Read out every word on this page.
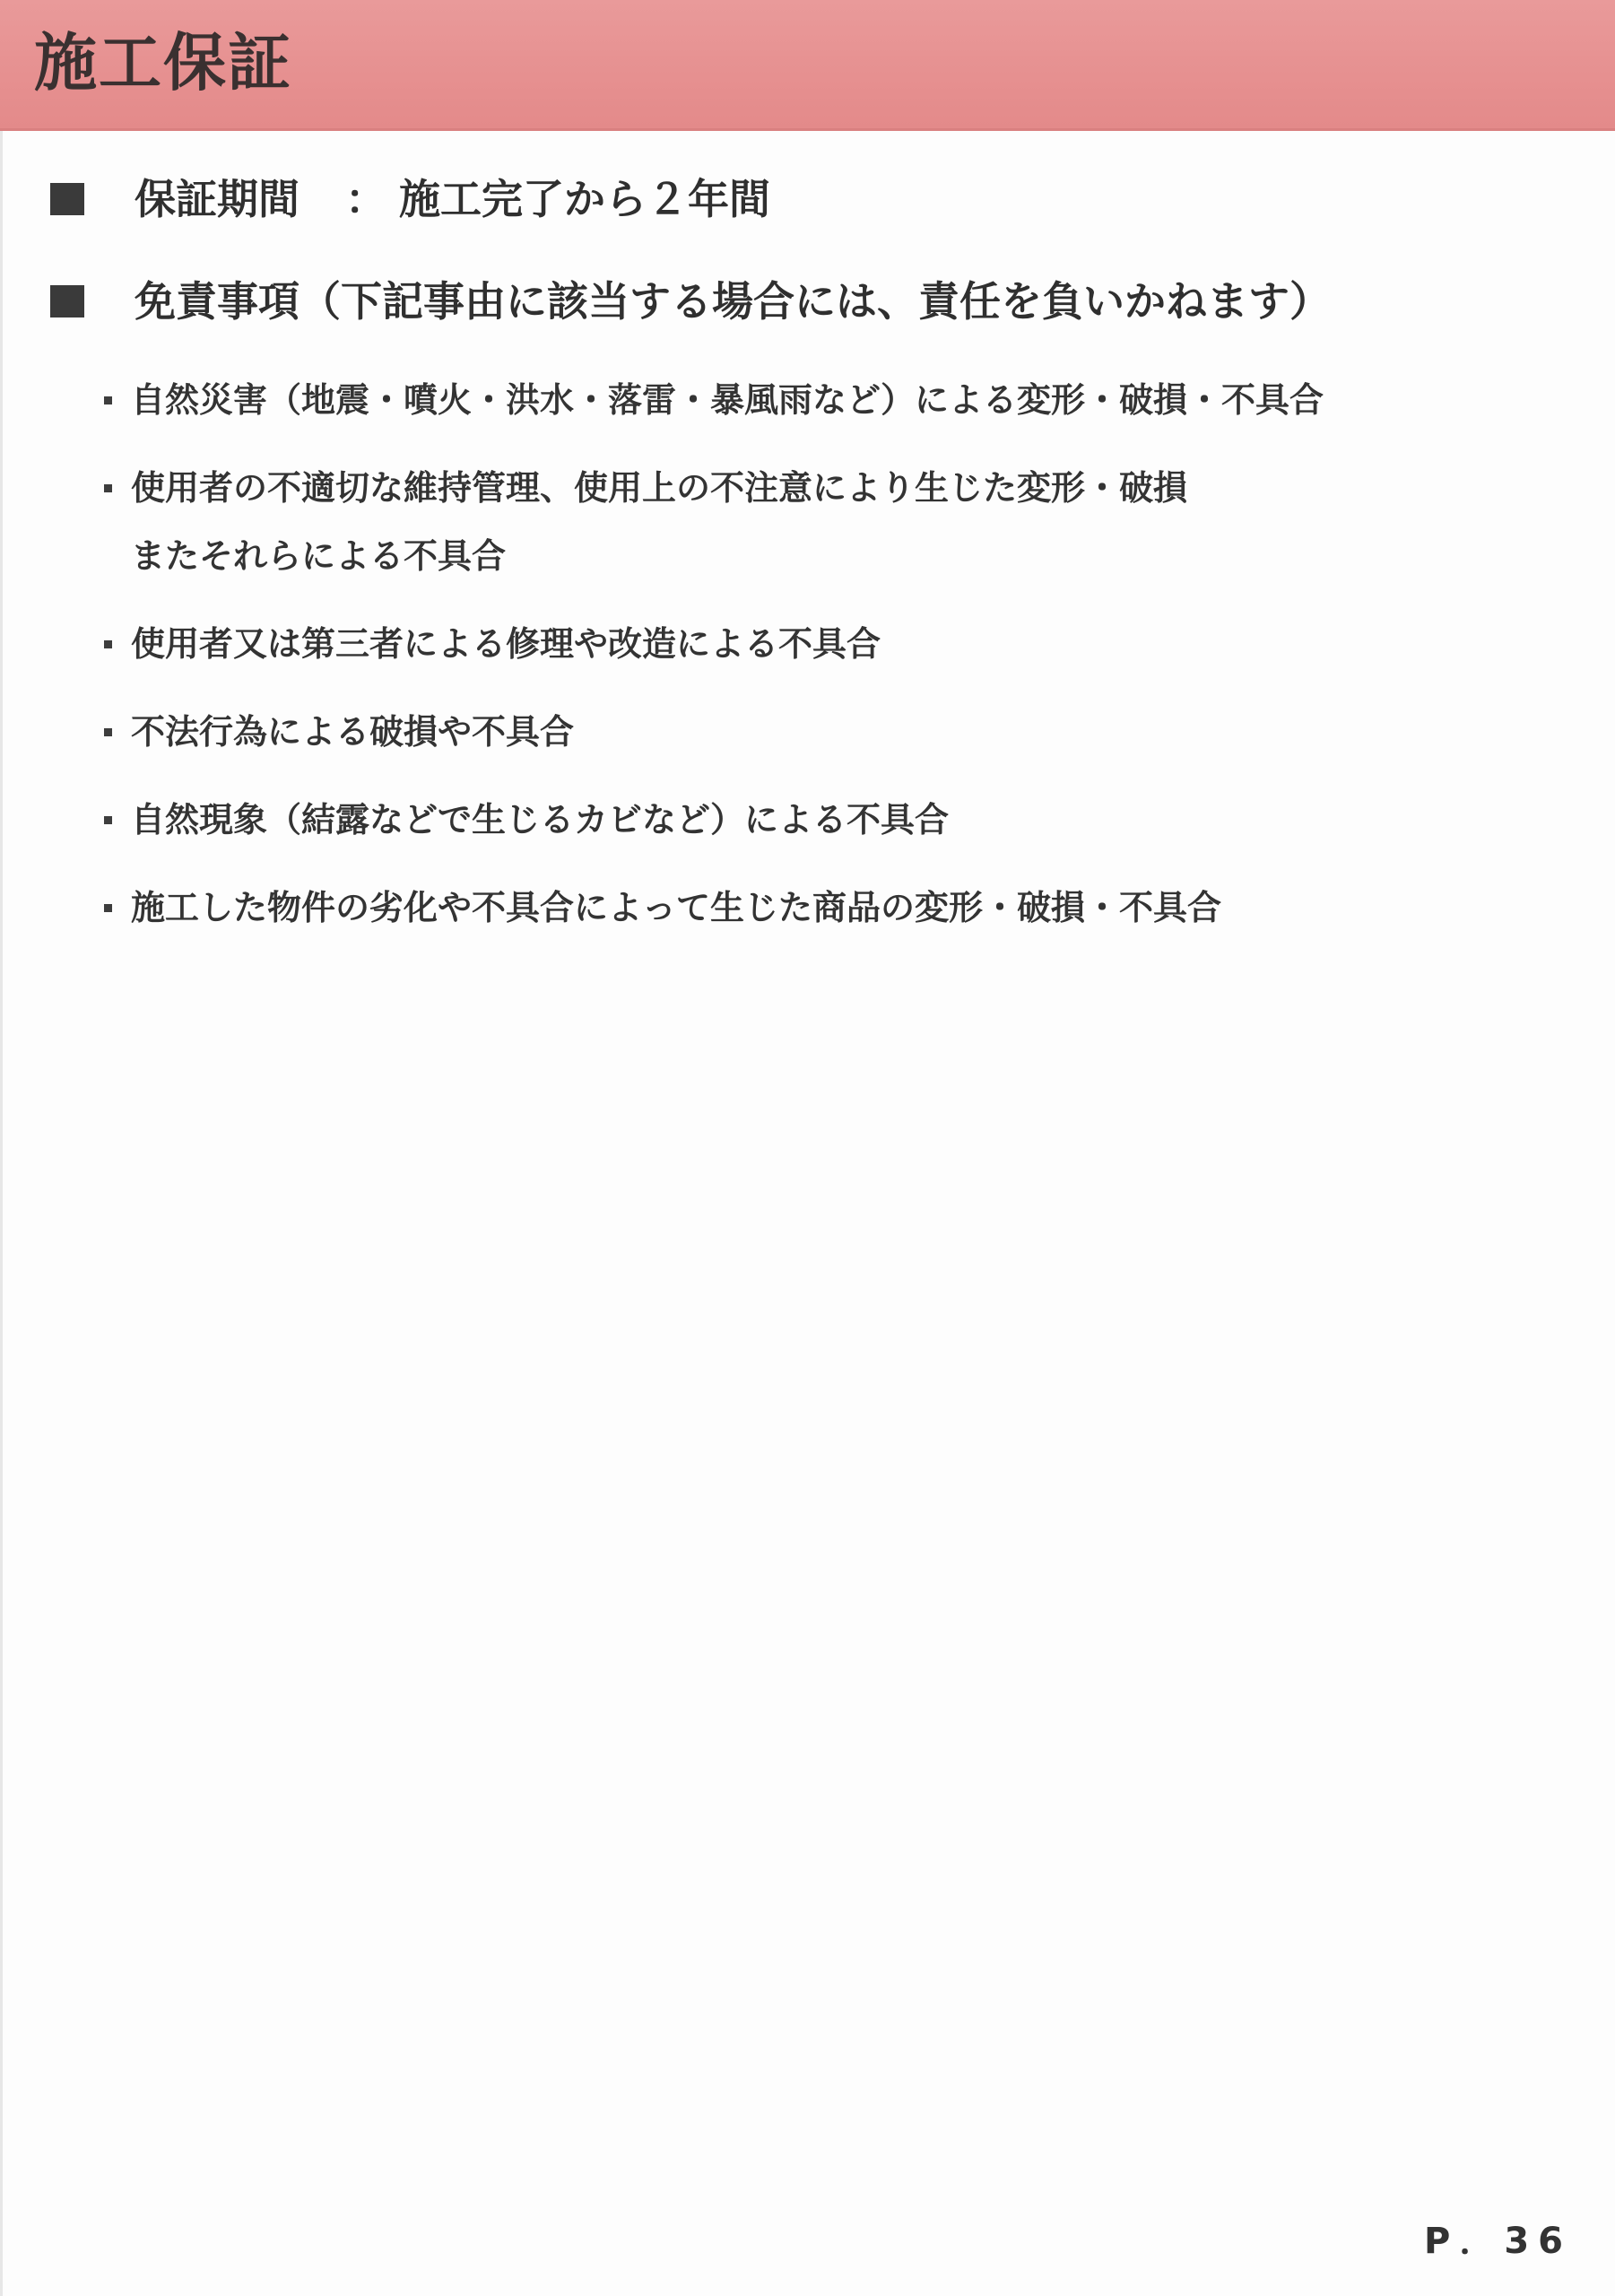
施工保証
保証期間 ： 施工完了から２年間
免責事項（下記事由に該当する場合には、責任を負いかねます）
自然災害（地震・噴火・洪水・落雷・暴風雨など）による変形・破損・不具合
使用者の不適切な維持管理、使用上の不注意により生じた変形・破損
またそれらによる不具合
使用者又は第三者による修理や改造による不具合
不法行為による破損や不具合
自然現象（結露などで生じるカビなど）による不具合
施工した物件の劣化や不具合によって生じた商品の変形・破損・不具合
P．36
